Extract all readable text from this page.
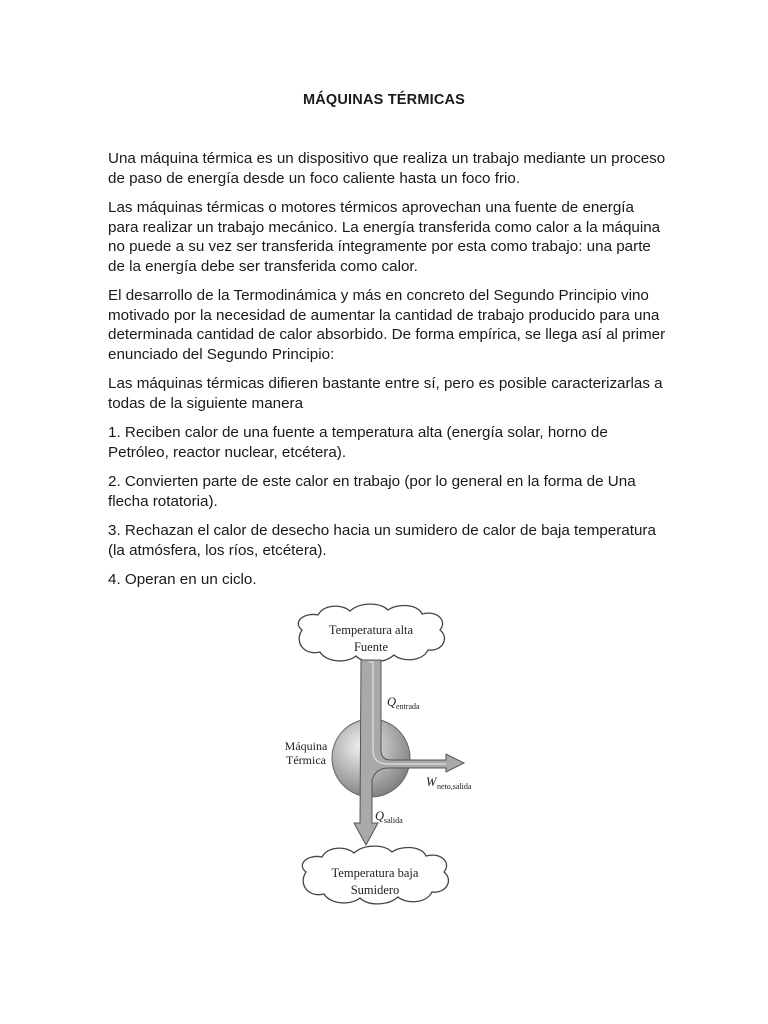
MÁQUINAS TÉRMICAS

Una máquina térmica es un dispositivo que realiza un trabajo mediante un proceso
de paso de energía desde un foco caliente hasta un foco frio.

Las máquinas térmicas o motores térmicos aprovechan una fuente de energía
para realizar un trabajo mecánico. La energía transferida como calor a la máquina
no puede a su vez ser transferida íntegramente por esta como trabajo: una parte
de la energía debe ser transferida como calor.

El desarrollo de la Termodinámica y más en concreto del Segundo Principio vino
motivado por la necesidad de aumentar la cantidad de trabajo producido para una
determinada cantidad de calor absorbido. De forma empírica, se llega así al primer
enunciado del Segundo Principio:

Las máquinas térmicas difieren bastante entre sí, pero es posible caracterizarlas a
todas de la siguiente manera

1. Reciben calor de una fuente a temperatura alta (energía solar, horno de
Petróleo, reactor nuclear, etcétera).

2. Convierten parte de este calor en trabajo (por lo general en la forma de Una
flecha rotatoria).

3. Rechazan el calor de desecho hacia un sumidero de calor de baja temperatura
(la atmósfera, los ríos, etcétera).

4. Operan en un ciclo.

Temperatura alta
Fuente
Q entrada
Máquina
Térmica
W neto,salida
Q salida
Temperatura baja
Sumidero
